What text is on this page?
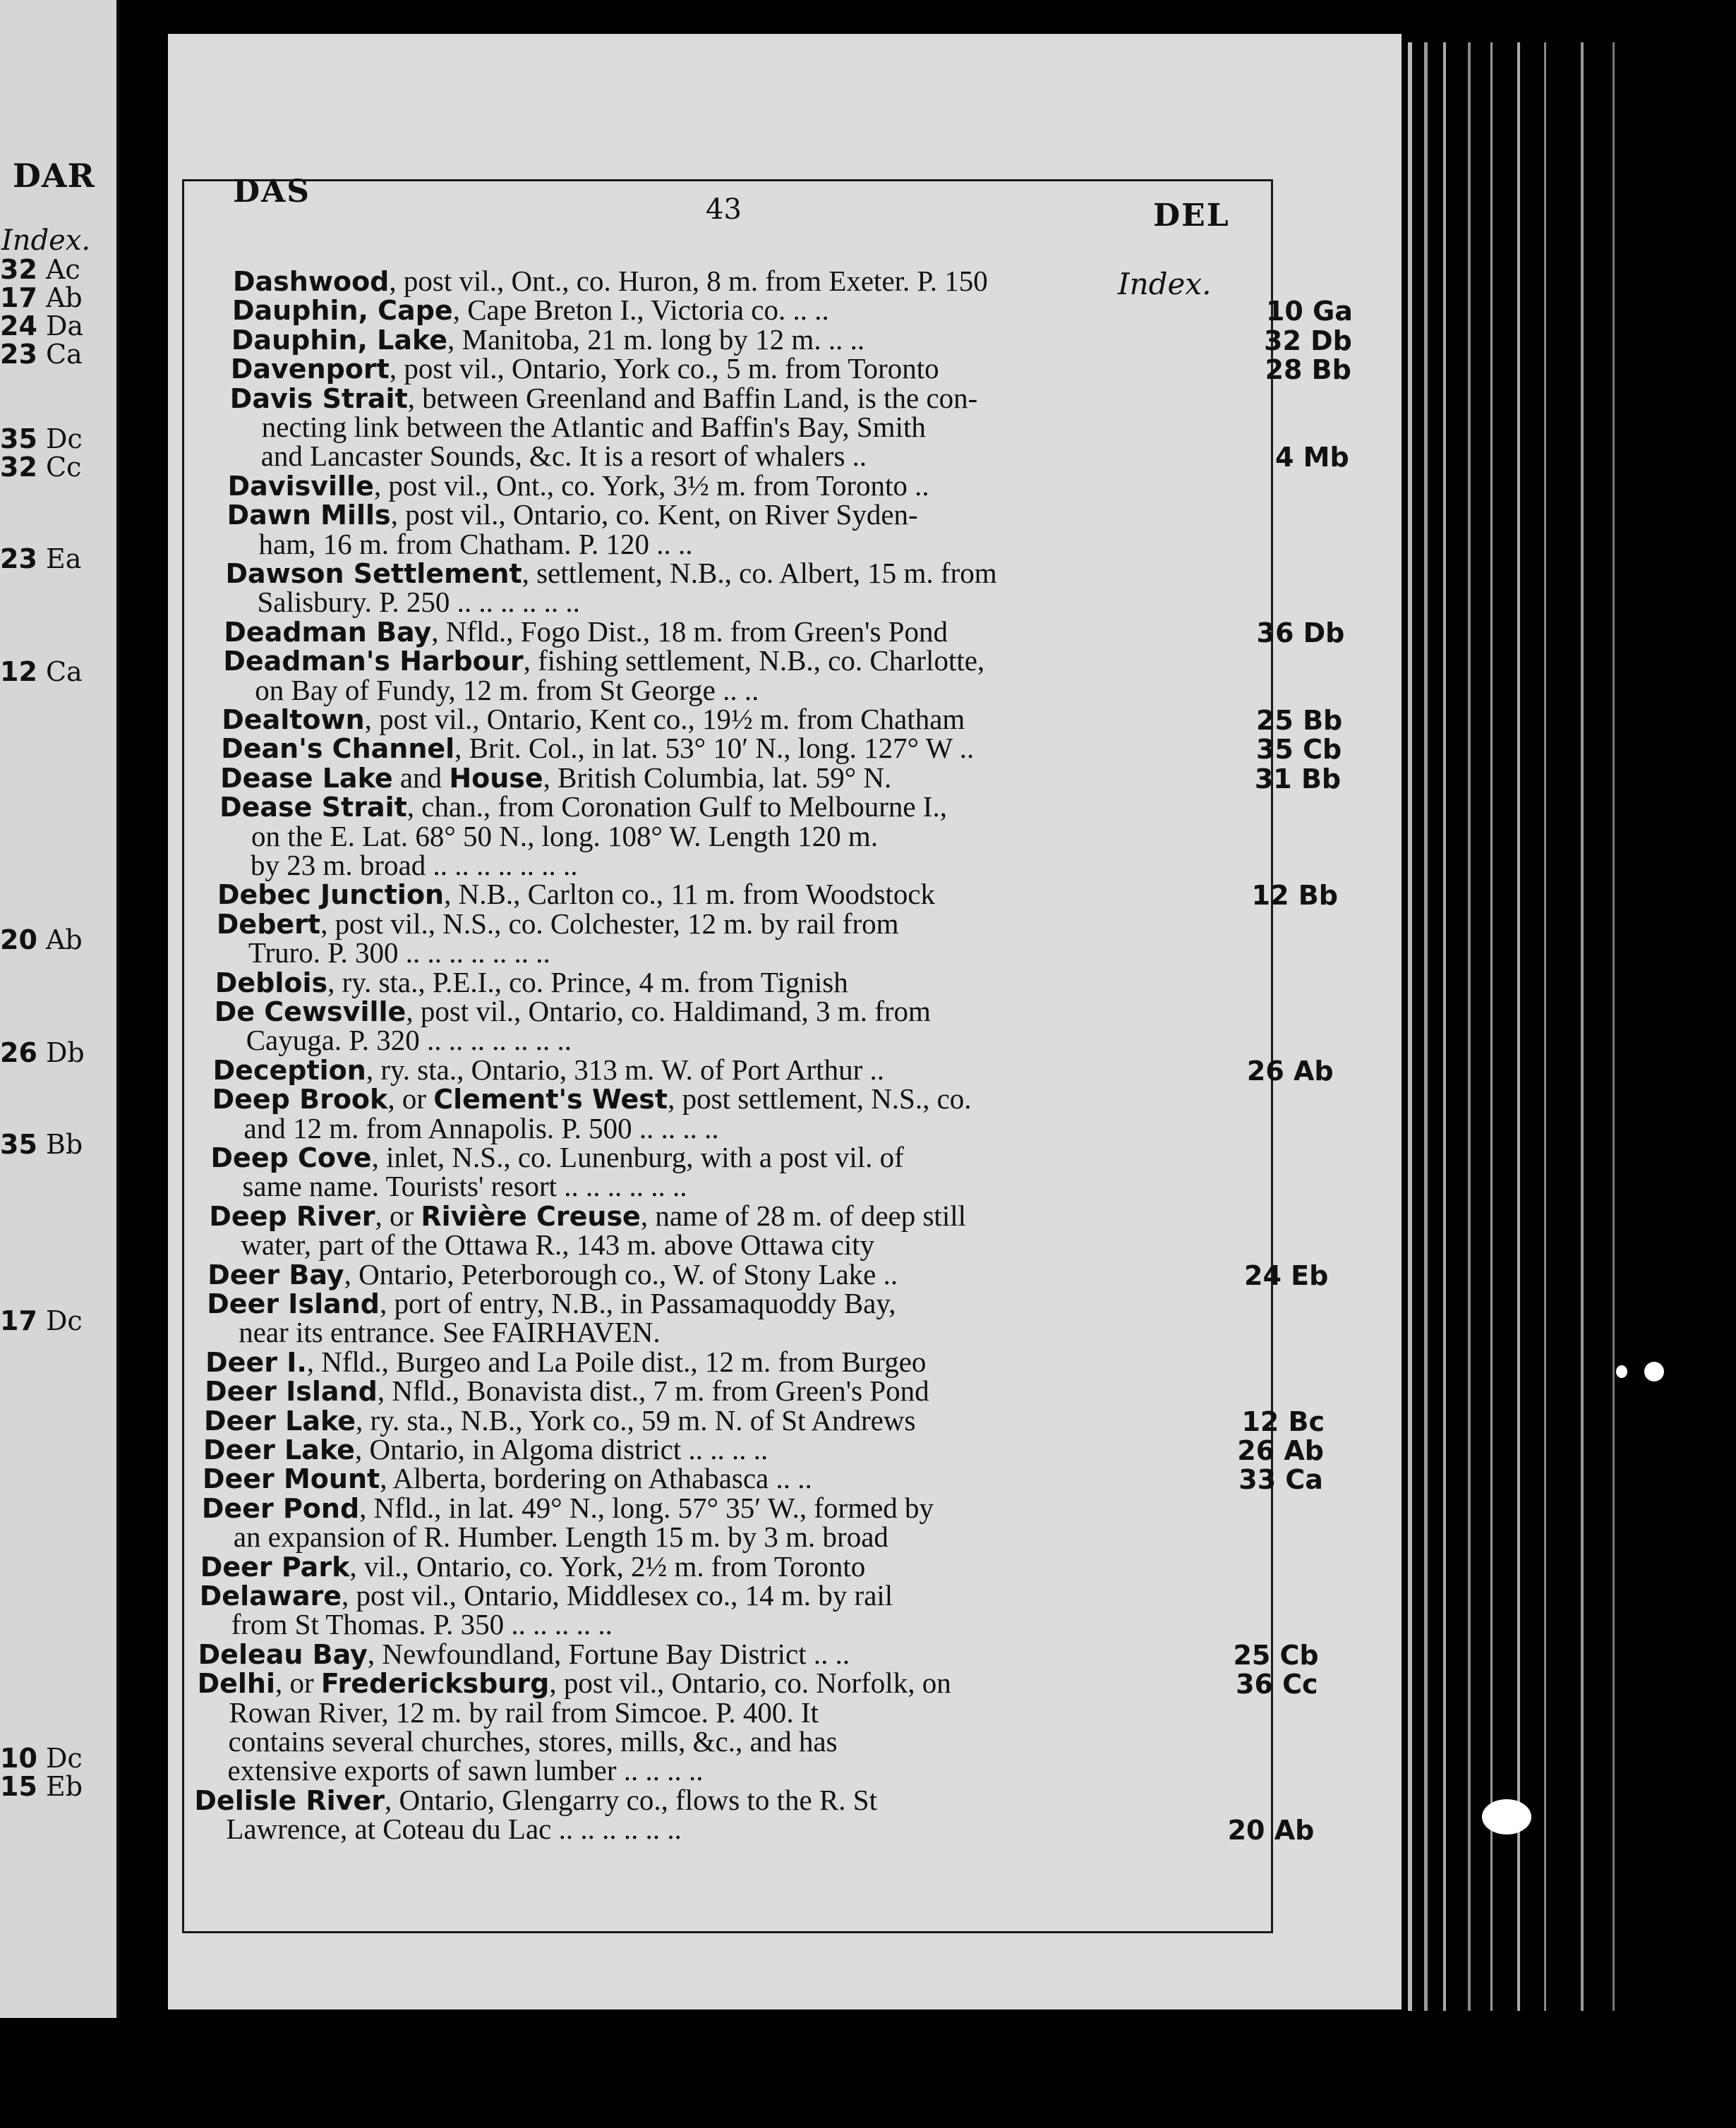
DAR
Index.
32 Ac
17 Ab
24 Da
23 Ca
35 Dc
32 Cc
23 Ea
12 Ca
20 Ab
26 Db
35 Bb
17 Dc
10 Dc
15 Eb
DAS	43	DEL
Index.
Dashwood, post vil., Ont., co. Huron, 8 m. from Exeter. P. 150
Dauphin, Cape, Cape Breton I., Victoria co. .. ..	10 Ga
Dauphin, Lake, Manitoba, 21 m. long by 12 m. .. ..	32 Db
Davenport, post vil., Ontario, York co., 5 m. from Toronto	28 Bb
Davis Strait, between Greenland and Baffin Land, is the con-
necting link between the Atlantic and Baffin's Bay, Smith
and Lancaster Sounds, &c. It is a resort of whalers ..	4 Mb
Davisville, post vil., Ont., co. York, 3½ m. from Toronto ..
Dawn Mills, post vil., Ontario, co. Kent, on River Syden-
ham, 16 m. from Chatham. P. 120 .. ..
Dawson Settlement, settlement, N.B., co. Albert, 15 m. from
Salisbury. P. 250 .. .. .. .. .. ..
Deadman Bay, Nfld., Fogo Dist., 18 m. from Green's Pond	36 Db
Deadman's Harbour, fishing settlement, N.B., co. Charlotte,
on Bay of Fundy, 12 m. from St George .. ..
Dealtown, post vil., Ontario, Kent co., 19½ m. from Chatham	25 Bb
Dean's Channel, Brit. Col., in lat. 53° 10′ N., long. 127° W ..	35 Cb
Dease Lake and House, British Columbia, lat. 59° N.	31 Bb
Dease Strait, chan., from Coronation Gulf to Melbourne I.,
on the E. Lat. 68° 50 N., long. 108° W. Length 120 m.
by 23 m. broad .. .. .. .. .. .. ..
Debec Junction, N.B., Carlton co., 11 m. from Woodstock	12 Bb
Debert, post vil., N.S., co. Colchester, 12 m. by rail from
Truro. P. 300 .. .. .. .. .. .. ..
Deblois, ry. sta., P.E.I., co. Prince, 4 m. from Tignish
De Cewsville, post vil., Ontario, co. Haldimand, 3 m. from
Cayuga. P. 320 .. .. .. .. .. .. ..
Deception, ry. sta., Ontario, 313 m. W. of Port Arthur ..	26 Ab
Deep Brook, or Clement's West, post settlement, N.S., co.
and 12 m. from Annapolis. P. 500 .. .. .. ..
Deep Cove, inlet, N.S., co. Lunenburg, with a post vil. of
same name. Tourists' resort .. .. .. .. .. ..
Deep River, or Rivière Creuse, name of 28 m. of deep still
water, part of the Ottawa R., 143 m. above Ottawa city
Deer Bay, Ontario, Peterborough co., W. of Stony Lake ..	24 Eb
Deer Island, port of entry, N.B., in Passamaquoddy Bay,
near its entrance. See FAIRHAVEN.
Deer I., Nfld., Burgeo and La Poile dist., 12 m. from Burgeo
Deer Island, Nfld., Bonavista dist., 7 m. from Green's Pond
Deer Lake, ry. sta., N.B., York co., 59 m. N. of St Andrews	12 Bc
Deer Lake, Ontario, in Algoma district .. .. .. ..	26 Ab
Deer Mount, Alberta, bordering on Athabasca .. ..	33 Ca
Deer Pond, Nfld., in lat. 49° N., long. 57° 35′ W., formed by
an expansion of R. Humber. Length 15 m. by 3 m. broad
Deer Park, vil., Ontario, co. York, 2½ m. from Toronto
Delaware, post vil., Ontario, Middlesex co., 14 m. by rail
from St Thomas. P. 350 .. .. .. .. ..
Deleau Bay, Newfoundland, Fortune Bay District .. ..	25 Cb
Delhi, or Fredericksburg, post vil., Ontario, co. Norfolk, on	36 Cc
Rowan River, 12 m. by rail from Simcoe. P. 400. It
contains several churches, stores, mills, &c., and has
extensive exports of sawn lumber .. .. .. ..
Delisle River, Ontario, Glengarry co., flows to the R. St
Lawrence, at Coteau du Lac .. .. .. .. .. ..	20 Ab
